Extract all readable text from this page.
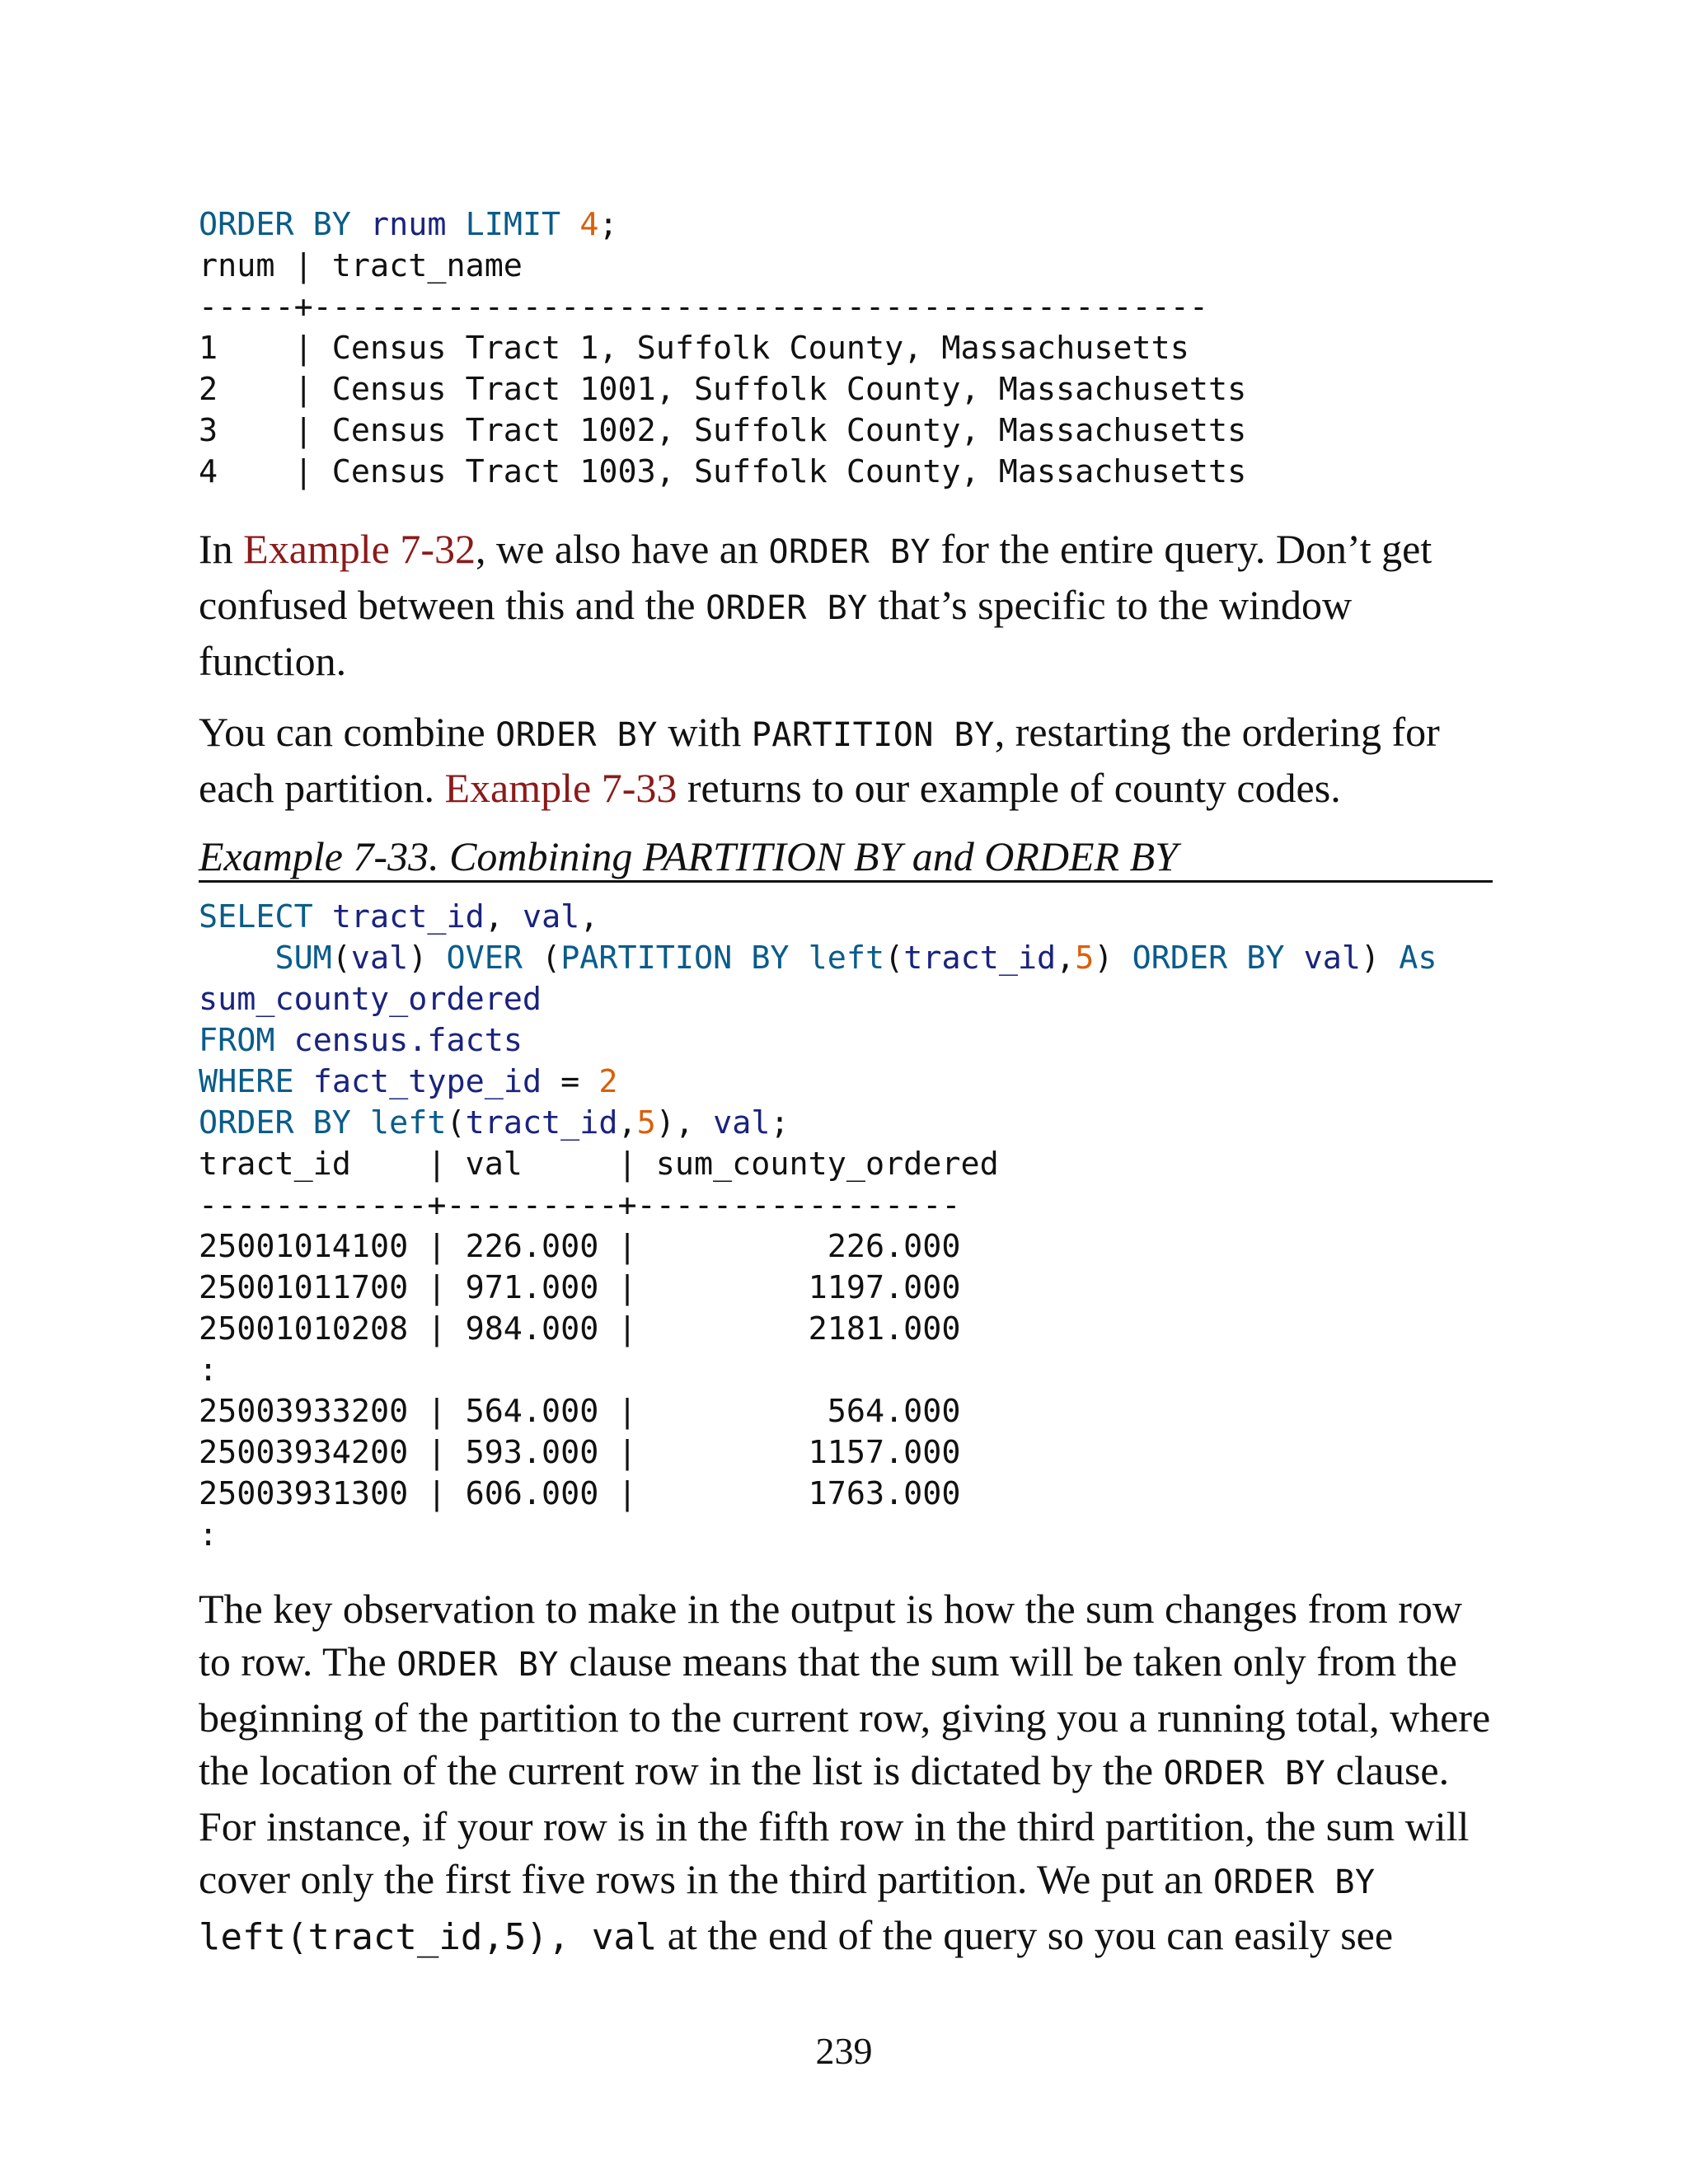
ORDER BY rnum LIMIT 4;
rnum | tract_name
-----+-----------------------------------------------
1    | Census Tract 1, Suffolk County, Massachusetts
2    | Census Tract 1001, Suffolk County, Massachusetts
3    | Census Tract 1002, Suffolk County, Massachusetts
4    | Census Tract 1003, Suffolk County, Massachusetts

In Example 7-32, we also have an ORDER BY for the entire query. Don’t get confused between this and the ORDER BY that’s specific to the window function.

You can combine ORDER BY with PARTITION BY, restarting the ordering for each partition. Example 7-33 returns to our example of county codes.

Example 7-33. Combining PARTITION BY and ORDER BY
SELECT tract_id, val,
SUM(val) OVER (PARTITION BY left(tract_id,5) ORDER BY val) As
sum_county_ordered
FROM census.facts
WHERE fact_type_id = 2
ORDER BY left(tract_id,5), val;
tract_id    | val     | sum_county_ordered
------------+---------+-----------------
25001014100 | 226.000 |          226.000
25001011700 | 971.000 |         1197.000
25001010208 | 984.000 |         2181.000
:
25003933200 | 564.000 |          564.000
25003934200 | 593.000 |         1157.000
25003931300 | 606.000 |         1763.000
:

The key observation to make in the output is how the sum changes from row to row. The ORDER BY clause means that the sum will be taken only from the beginning of the partition to the current row, giving you a running total, where the location of the current row in the list is dictated by the ORDER BY clause. For instance, if your row is in the fifth row in the third partition, the sum will cover only the first five rows in the third partition. We put an ORDER BY left(tract_id,5), val at the end of the query so you can easily see

239
